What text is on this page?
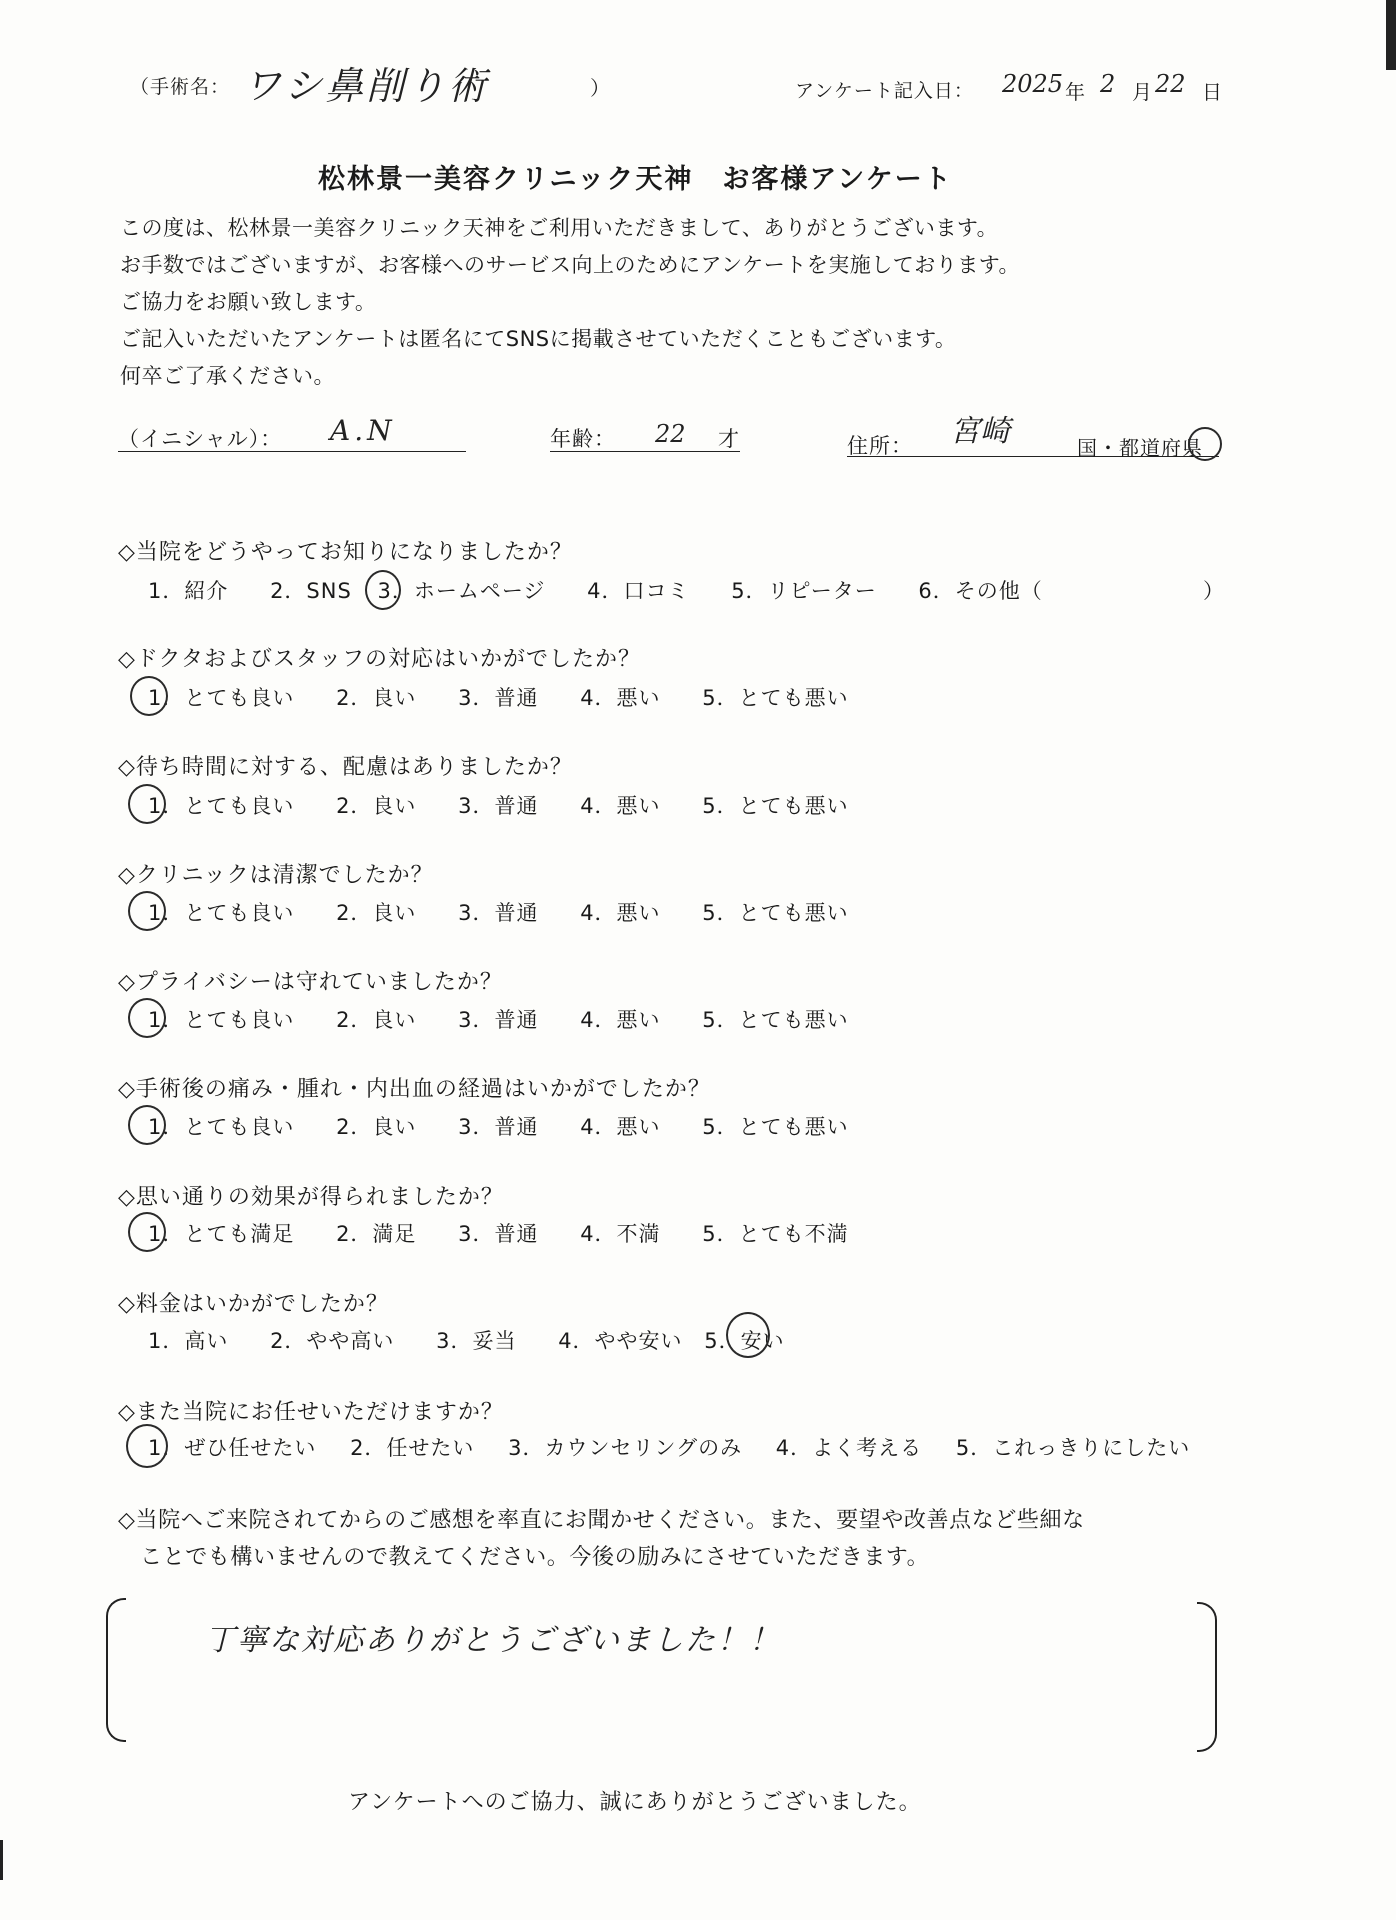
（手術名： ワシ鼻削り術	）	アンケート記入日： 2025 年 2 月 22 日
松林景一美容クリニック天神　お客様アンケート
この度は、松林景一美容クリニック天神をご利用いただきまして、ありがとうございます。
お手数ではございますが、お客様へのサービス向上のためにアンケートを実施しております。
ご協力をお願い致します。
ご記入いただいたアンケートは匿名にてSNSに掲載させていただくこともございます。
何卒ご了承ください。
（イニシャル）： A.N	年齢： 22 才	住所： 宮崎	国・都道府県
◇当院をどうやってお知りになりましたか？
1．紹介 2．SNS 3．ホームページ 4．口コミ 5．リピーター 6．その他（	）
◇ドクタおよびスタッフの対応はいかがでしたか？
1．とても良い 2．良い 3．普通 4．悪い 5．とても悪い
◇待ち時間に対する、配慮はありましたか？
1．とても良い 2．良い 3．普通 4．悪い 5．とても悪い
◇クリニックは清潔でしたか？
1．とても良い 2．良い 3．普通 4．悪い 5．とても悪い
◇プライバシーは守れていましたか？
1．とても良い 2．良い 3．普通 4．悪い 5．とても悪い
◇手術後の痛み・腫れ・内出血の経過はいかがでしたか？
1．とても良い 2．良い 3．普通 4．悪い 5．とても悪い
◇思い通りの効果が得られましたか？
1．とても満足 2．満足 3．普通 4．不満 5．とても不満
◇料金はいかがでしたか？
1．高い 2．やや高い 3．妥当 4．やや安い 5．安い
◇また当院にお任せいただけますか？
1．ぜひ任せたい 2．任せたい 3．カウンセリングのみ 4．よく考える 5．これっきりにしたい
◇当院へご来院されてからのご感想を率直にお聞かせください。また、要望や改善点など些細な
ことでも構いませんので教えてください。今後の励みにさせていただきます。
丁寧な対応ありがとうございました！！
アンケートへのご協力、誠にありがとうございました。
